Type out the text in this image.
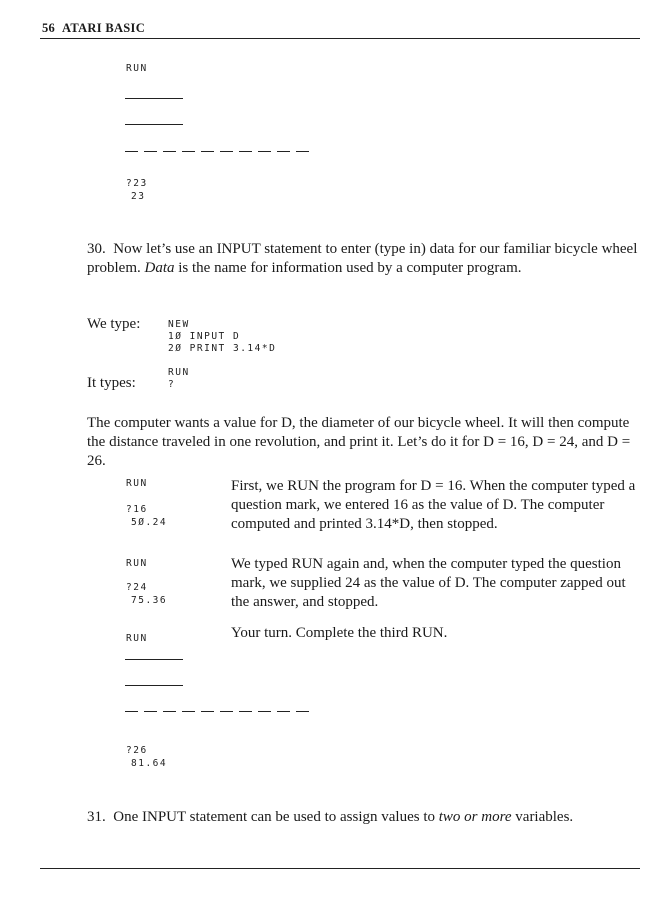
56 ATARI BASIC
RUN
?23
23

30. Now let’s use an INPUT statement to enter (type in) data for our familiar bicycle wheel problem. Data is the name for information used by a computer program.

We type:	NEW
1Ø INPUT D
2Ø PRINT 3.14*D
RUN
It types:	?

The computer wants a value for D, the diameter of our bicycle wheel. It will then compute the distance traveled in one revolution, and print it. Let’s do it for D = 16, D = 24, and D = 26.

RUN
?16
5Ø.24

First, we RUN the program for D = 16. When the computer typed a question mark, we entered 16 as the value of D. The computer computed and printed 3.14*D, then stopped.

RUN
?24
75.36

We typed RUN again and, when the computer typed the question mark, we supplied 24 as the value of D. The computer zapped out the answer, and stopped.

RUN	Your turn. Complete the third RUN.

?26
81.64

31. One INPUT statement can be used to assign values to two or more variables.
